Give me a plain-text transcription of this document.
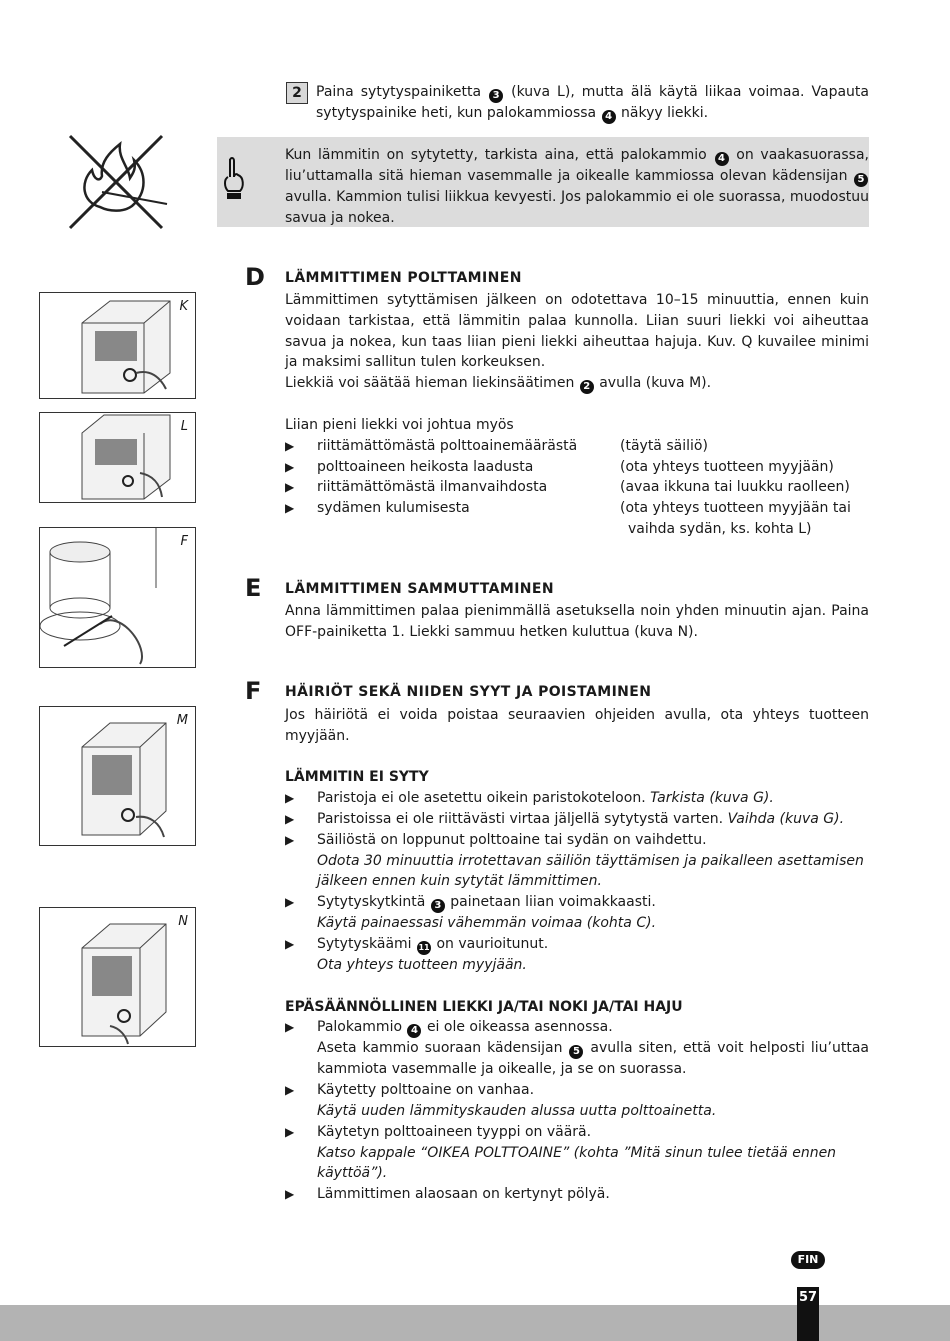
2	Paina sytytyspainiketta 3 (kuva L), mutta älä käytä liikaa voimaa. Vapauta sytytyspainike heti, kun palokammiossa 4 näkyy liekki.
Kun lämmitin on sytytetty, tarkista aina, että palokammio 4 on vaakasuorassa, liu’uttamalla sitä hieman vasemmalle ja oikealle kammiossa olevan kädensijan 5 avulla. Kammion tulisi liikkua kevyesti. Jos palokammio ei ole suorassa, muodostuu savua ja nokea.
D LÄMMITTIMEN POLTTAMINEN
Lämmittimen sytyttämisen jälkeen on odotettava 10–15 minuuttia, ennen kuin voidaan tarkistaa, että lämmitin palaa kunnolla. Liian suuri liekki voi aiheuttaa savua ja nokea, kun taas liian pieni liekki aiheuttaa hajuja. Kuv. Q kuvailee minimi ja maksimi sallitun tulen korkeuksen.
Liekkiä voi säätää hieman liekinsäätimen 2 avulla (kuva M).
Liian pieni liekki voi johtua myös
▶ riittämättömästä polttoainemäärästä	(täytä säiliö)
▶ polttoaineen heikosta laadusta	(ota yhteys tuotteen myyjään)
▶ riittämättömästä ilmanvaihdosta	(avaa ikkuna tai luukku raolleen)
▶ sydämen kulumisesta	(ota yhteys tuotteen myyjään tai
vaihda sydän, ks. kohta L)
E LÄMMITTIMEN SAMMUTTAMINEN
Anna lämmittimen palaa pienimmällä asetuksella noin yhden minuutin ajan. Paina OFF-painiketta 1. Liekki sammuu hetken kuluttua (kuva N).
F HÄIRIÖT SEKÄ NIIDEN SYYT JA POISTAMINEN
Jos häiriötä ei voida poistaa seuraavien ohjeiden avulla, ota yhteys tuotteen myyjään.
LÄMMITIN EI SYTY
▶ Paristoja ei ole asetettu oikein paristokoteloon. Tarkista (kuva G).
▶ Paristoissa ei ole riittävästi virtaa jäljellä sytytystä varten. Vaihda (kuva G).
▶ Säiliöstä on loppunut polttoaine tai sydän on vaihdettu.
Odota 30 minuuttia irrotettavan säiliön täyttämisen ja paikalleen asettamisen jälkeen ennen kuin sytytät lämmittimen.
▶ Sytytyskytkintä 3 painetaan liian voimakkaasti.
Käytä painaessasi vähemmän voimaa (kohta C).
▶ Sytytyskäämi 11 on vaurioitunut.
Ota yhteys tuotteen myyjään.
EPÄSÄÄNNÖLLINEN LIEKKI JA/TAI NOKI JA/TAI HAJU
▶ Palokammio 4 ei ole oikeassa asennossa.
Aseta kammio suoraan kädensijan 5 avulla siten, että voit helposti liu’uttaa kammiota vasemmalle ja oikealle, ja se on suorassa.
▶ Käytetty polttoaine on vanhaa.
Käytä uuden lämmityskauden alussa uutta polttoainetta.
▶ Käytetyn polttoaineen tyyppi on väärä.
Katso kappale “OIKEA POLTTOAINE” (kohta ”Mitä sinun tulee tietää ennen käyttöä”).
▶ Lämmittimen alaosaan on kertynyt pölyä.
K
L
F
M
N
FIN
57
